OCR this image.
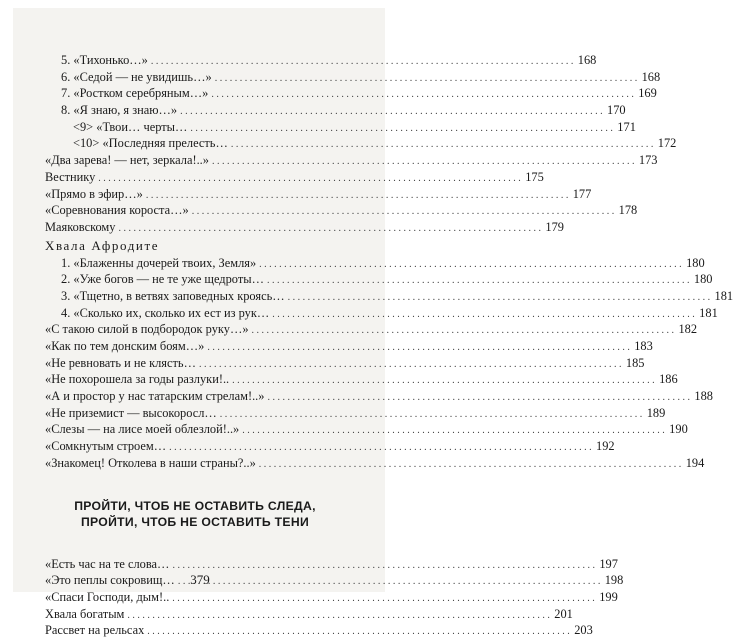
5. «Тихонько…» . . .	168
6. «Седой — не увидишь…» . . .	168
7. «Ростком серебряным…» . . .	169
8. «Я знаю, я знаю…» . . .	170
<9> «Твои… черты… . . .	171
<10> «Последняя прелесть… . . .	172
«Два зарева! — нет, зеркала!..» . . .	173
Вестнику . . .	175
«Прямо в эфир…» . . .	177
«Соревнования короста…» . . .	178
Маяковскому . . .	179
Хвала Афродите
1. «Блаженны дочерей твоих, Земля» . . .	180
2. «Уже богов — не те уже щедроты… . . .	180
3. «Тщетно, в ветвях заповедных кроясь… . . .	181
4. «Сколько их, сколько их ест из рук… . . .	181
«С такою силой в подбородок руку…» . . .	182
«Как по тем донским боям…» . . .	183
«Не ревновать и не клясть… . . .	185
«Не похорошела за годы разлуки!.. . . .	186
«А и простор у нас татарским стрелам!..» . . .	188
«Не приземист — высокоросл… . . .	189
«Слезы — на лисе моей облезлой!..» . . .	190
«Сомкнутым строем… . . .	192
«Знакомец! Отколева в наши страны?..» . . .	194
ПРОЙТИ, ЧТОБ НЕ ОСТАВИТЬ СЛЕДА,
ПРОЙТИ, ЧТОБ НЕ ОСТАВИТЬ ТЕНИ
«Есть час на те слова… . . .	197
«Это пеплы сокровищ… . . .	198
«Спаси Господи, дым!.. . . .	199
Хвала богатым . . .	201
Рассвет на рельсах . . .	203
379
